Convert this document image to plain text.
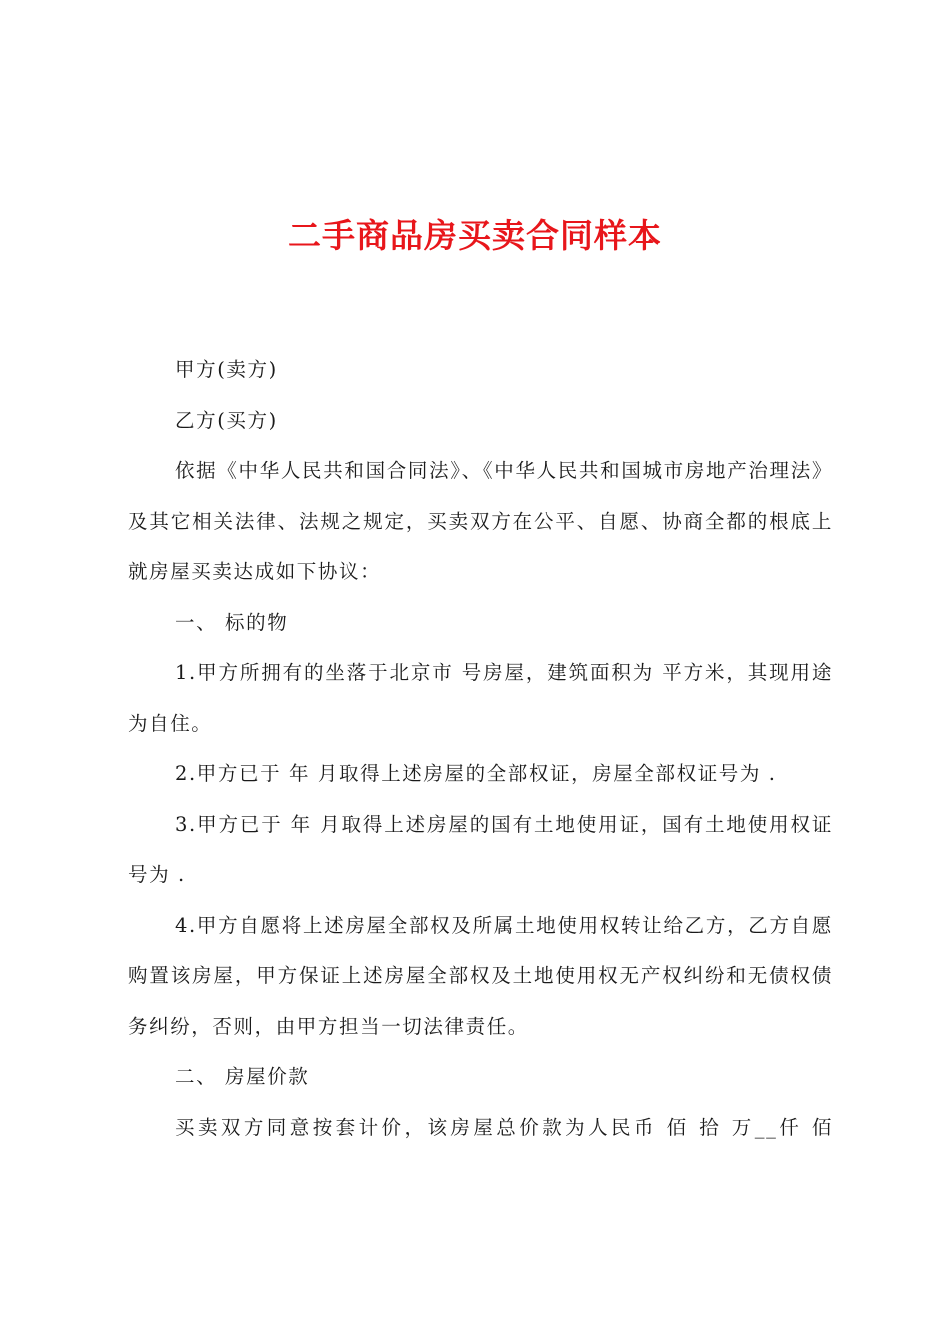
二手商品房买卖合同样本

甲方(卖方)

乙方(买方)

依据《中华人民共和国合同法》、《中华人民共和国城市房地产治理法》及其它相关法律、法规之规定，买卖双方在公平、自愿、协商全都的根底上就房屋买卖达成如下协议：

一、 标的物

1.甲方所拥有的坐落于北京市 号房屋，建筑面积为 平方米，其现用途为自住。

2.甲方已于 年 月取得上述房屋的全部权证，房屋全部权证号为 .

3.甲方已于 年 月取得上述房屋的国有土地使用证，国有土地使用权证号为 .

4.甲方自愿将上述房屋全部权及所属土地使用权转让给乙方，乙方自愿购置该房屋，甲方保证上述房屋全部权及土地使用权无产权纠纷和无债权债务纠纷，否则，由甲方担当一切法律责任。

二、 房屋价款

买卖双方同意按套计价，该房屋总价款为人民币 佰 拾 万__仟 佰
